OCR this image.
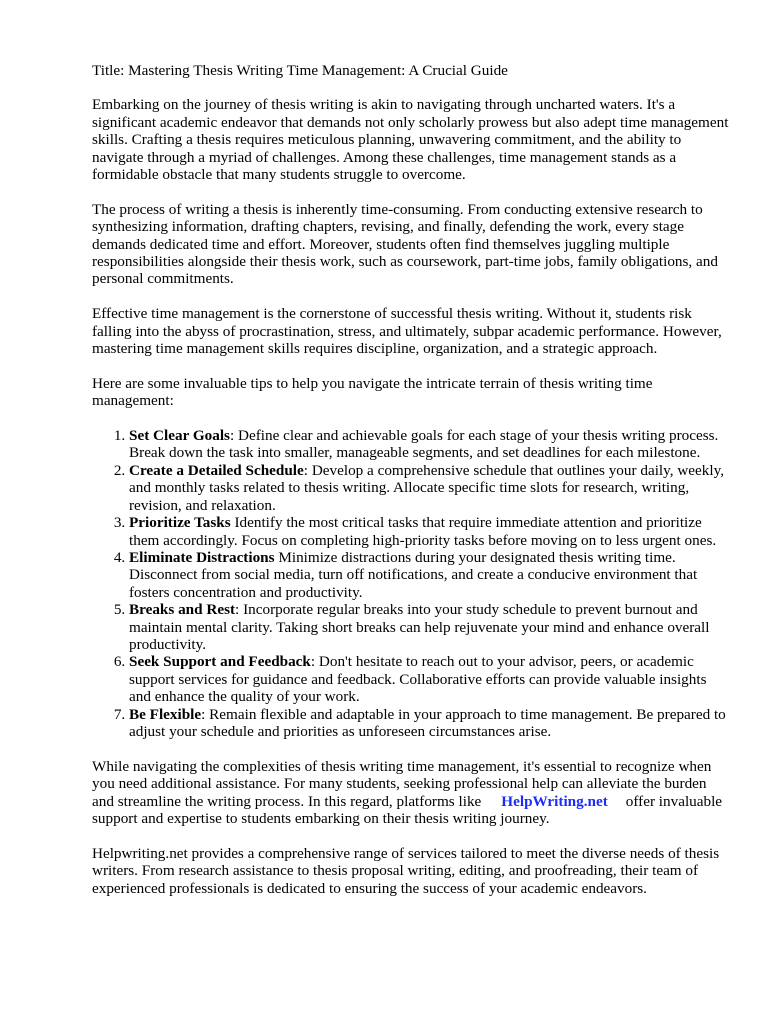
Title: Mastering Thesis Writing Time Management: A Crucial Guide

Embarking on the journey of thesis writing is akin to navigating through uncharted waters. It's a significant academic endeavor that demands not only scholarly prowess but also adept time management skills. Crafting a thesis requires meticulous planning, unwavering commitment, and the ability to navigate through a myriad of challenges. Among these challenges, time management stands as a formidable obstacle that many students struggle to overcome.

The process of writing a thesis is inherently time-consuming. From conducting extensive research to synthesizing information, drafting chapters, revising, and finally, defending the work, every stage demands dedicated time and effort. Moreover, students often find themselves juggling multiple responsibilities alongside their thesis work, such as coursework, part-time jobs, family obligations, and personal commitments.

Effective time management is the cornerstone of successful thesis writing. Without it, students risk falling into the abyss of procrastination, stress, and ultimately, subpar academic performance. However, mastering time management skills requires discipline, organization, and a strategic approach.

Here are some invaluable tips to help you navigate the intricate terrain of thesis writing time management:

1. Set Clear Goals: Define clear and achievable goals for each stage of your thesis writing process. Break down the task into smaller, manageable segments, and set deadlines for each milestone.
2. Create a Detailed Schedule: Develop a comprehensive schedule that outlines your daily, weekly, and monthly tasks related to thesis writing. Allocate specific time slots for research, writing, revision, and relaxation.
3. Prioritize Tasks Identify the most critical tasks that require immediate attention and prioritize them accordingly. Focus on completing high-priority tasks before moving on to less urgent ones.
4. Eliminate Distractions Minimize distractions during your designated thesis writing time. Disconnect from social media, turn off notifications, and create a conducive environment that fosters concentration and productivity.
5. Breaks and Rest: Incorporate regular breaks into your study schedule to prevent burnout and maintain mental clarity. Taking short breaks can help rejuvenate your mind and enhance overall productivity.
6. Seek Support and Feedback: Don't hesitate to reach out to your advisor, peers, or academic support services for guidance and feedback. Collaborative efforts can provide valuable insights and enhance the quality of your work.
7. Be Flexible: Remain flexible and adaptable in your approach to time management. Be prepared to adjust your schedule and priorities as unforeseen circumstances arise.

While navigating the complexities of thesis writing time management, it's essential to recognize when you need additional assistance. For many students, seeking professional help can alleviate the burden and streamline the writing process. In this regard, platforms like HelpWriting.net offer invaluable support and expertise to students embarking on their thesis writing journey.

Helpwriting.net provides a comprehensive range of services tailored to meet the diverse needs of thesis writers. From research assistance to thesis proposal writing, editing, and proofreading, their team of experienced professionals is dedicated to ensuring the success of your academic endeavors.
